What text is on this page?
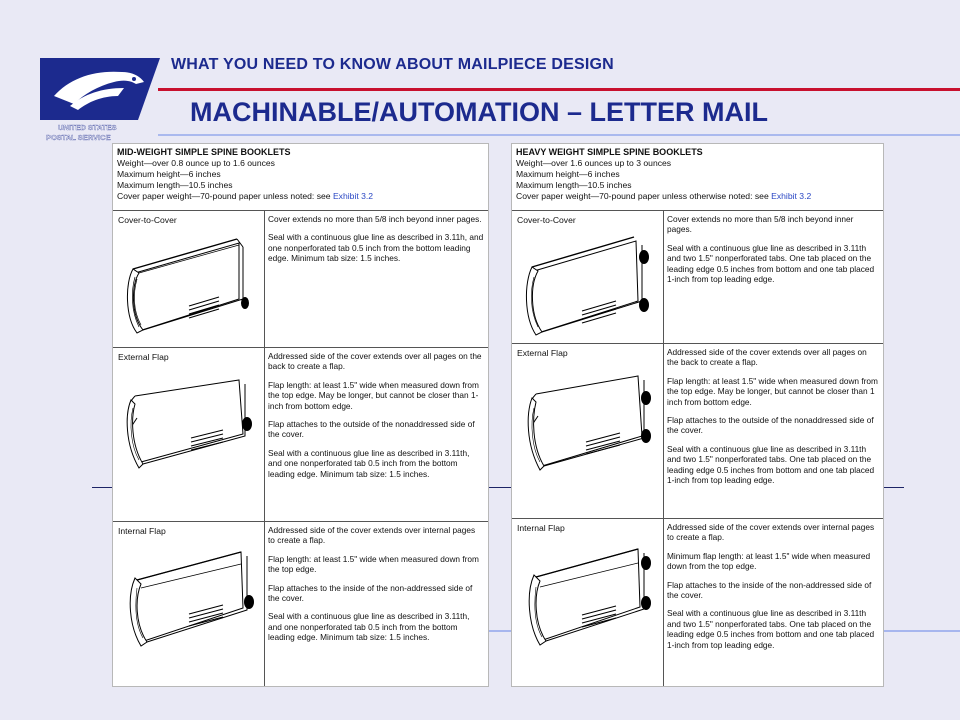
UNITED STATES
POSTAL SERVICE
WHAT YOU NEED TO KNOW ABOUT MAILPIECE DESIGN
MACHINABLE/AUTOMATION – LETTER MAIL
MID-WEIGHT SIMPLE SPINE BOOKLETS
Weight—over 0.8 ounce up to 1.6 ounces
Maximum height—6 inches
Maximum length—10.5 inches
Cover paper weight—70-pound paper unless noted: see Exhibit 3.2
Cover-to-Cover	Cover extends no more than 5/8 inch beyond inner pages.

Seal with a continuous glue line as described in 3.11h, and one nonperforated tab 0.5 inch from the bottom leading edge. Minimum tab size: 1.5 inches.

External Flap	Addressed side of the cover extends over all pages on the back to create a flap.

Flap length: at least 1.5" wide when measured down from the top edge. May be longer, but cannot be closer than 1-inch from bottom edge.

Flap attaches to the outside of the nonaddressed side of the cover.

Seal with a continuous glue line as described in 3.11th, and one nonperforated tab 0.5 inch from the bottom leading edge. Minimum tab size: 1.5 inches.

Internal Flap	Addressed side of the cover extends over internal pages to create a flap.

Flap length: at least 1.5" wide when measured down from the top edge.

Flap attaches to the inside of the non-addressed side of the cover.

Seal with a continuous glue line as described in 3.11th, and one nonperforated tab 0.5 inch from the bottom leading edge. Minimum tab size: 1.5 inches.

HEAVY WEIGHT SIMPLE SPINE BOOKLETS
Weight—over 1.6 ounces up to 3 ounces
Maximum height—6 inches
Maximum length—10.5 inches
Cover paper weight—70-pound paper unless otherwise noted: see Exhibit 3.2
Cover-to-Cover	Cover extends no more than 5/8 inch beyond inner pages.

Seal with a continuous glue line as described in 3.11th and two 1.5" nonperforated tabs. One tab placed on the leading edge 0.5 inches from bottom and one tab placed 1-inch from top leading edge.

External Flap	Addressed side of the cover extends over all pages on the back to create a flap.

Flap length: at least 1.5" wide when measured down from the top edge. May be longer, but cannot be closer than 1 inch from bottom edge.

Flap attaches to the outside of the nonaddressed side of the cover.

Seal with a continuous glue line as described in 3.11th and two 1.5" nonperforated tabs. One tab placed on the leading edge 0.5 inches from bottom and one tab placed 1-inch from top leading edge.

Internal Flap	Addressed side of the cover extends over internal pages to create a flap.

Minimum flap length: at least 1.5" wide when measured down from the top edge.

Flap attaches to the inside of the non-addressed side of the cover.

Seal with a continuous glue line as described in 3.11th and two 1.5" nonperforated tabs. One tab placed on the leading edge 0.5 inches from bottom and one tab placed 1-inch from top leading edge.
